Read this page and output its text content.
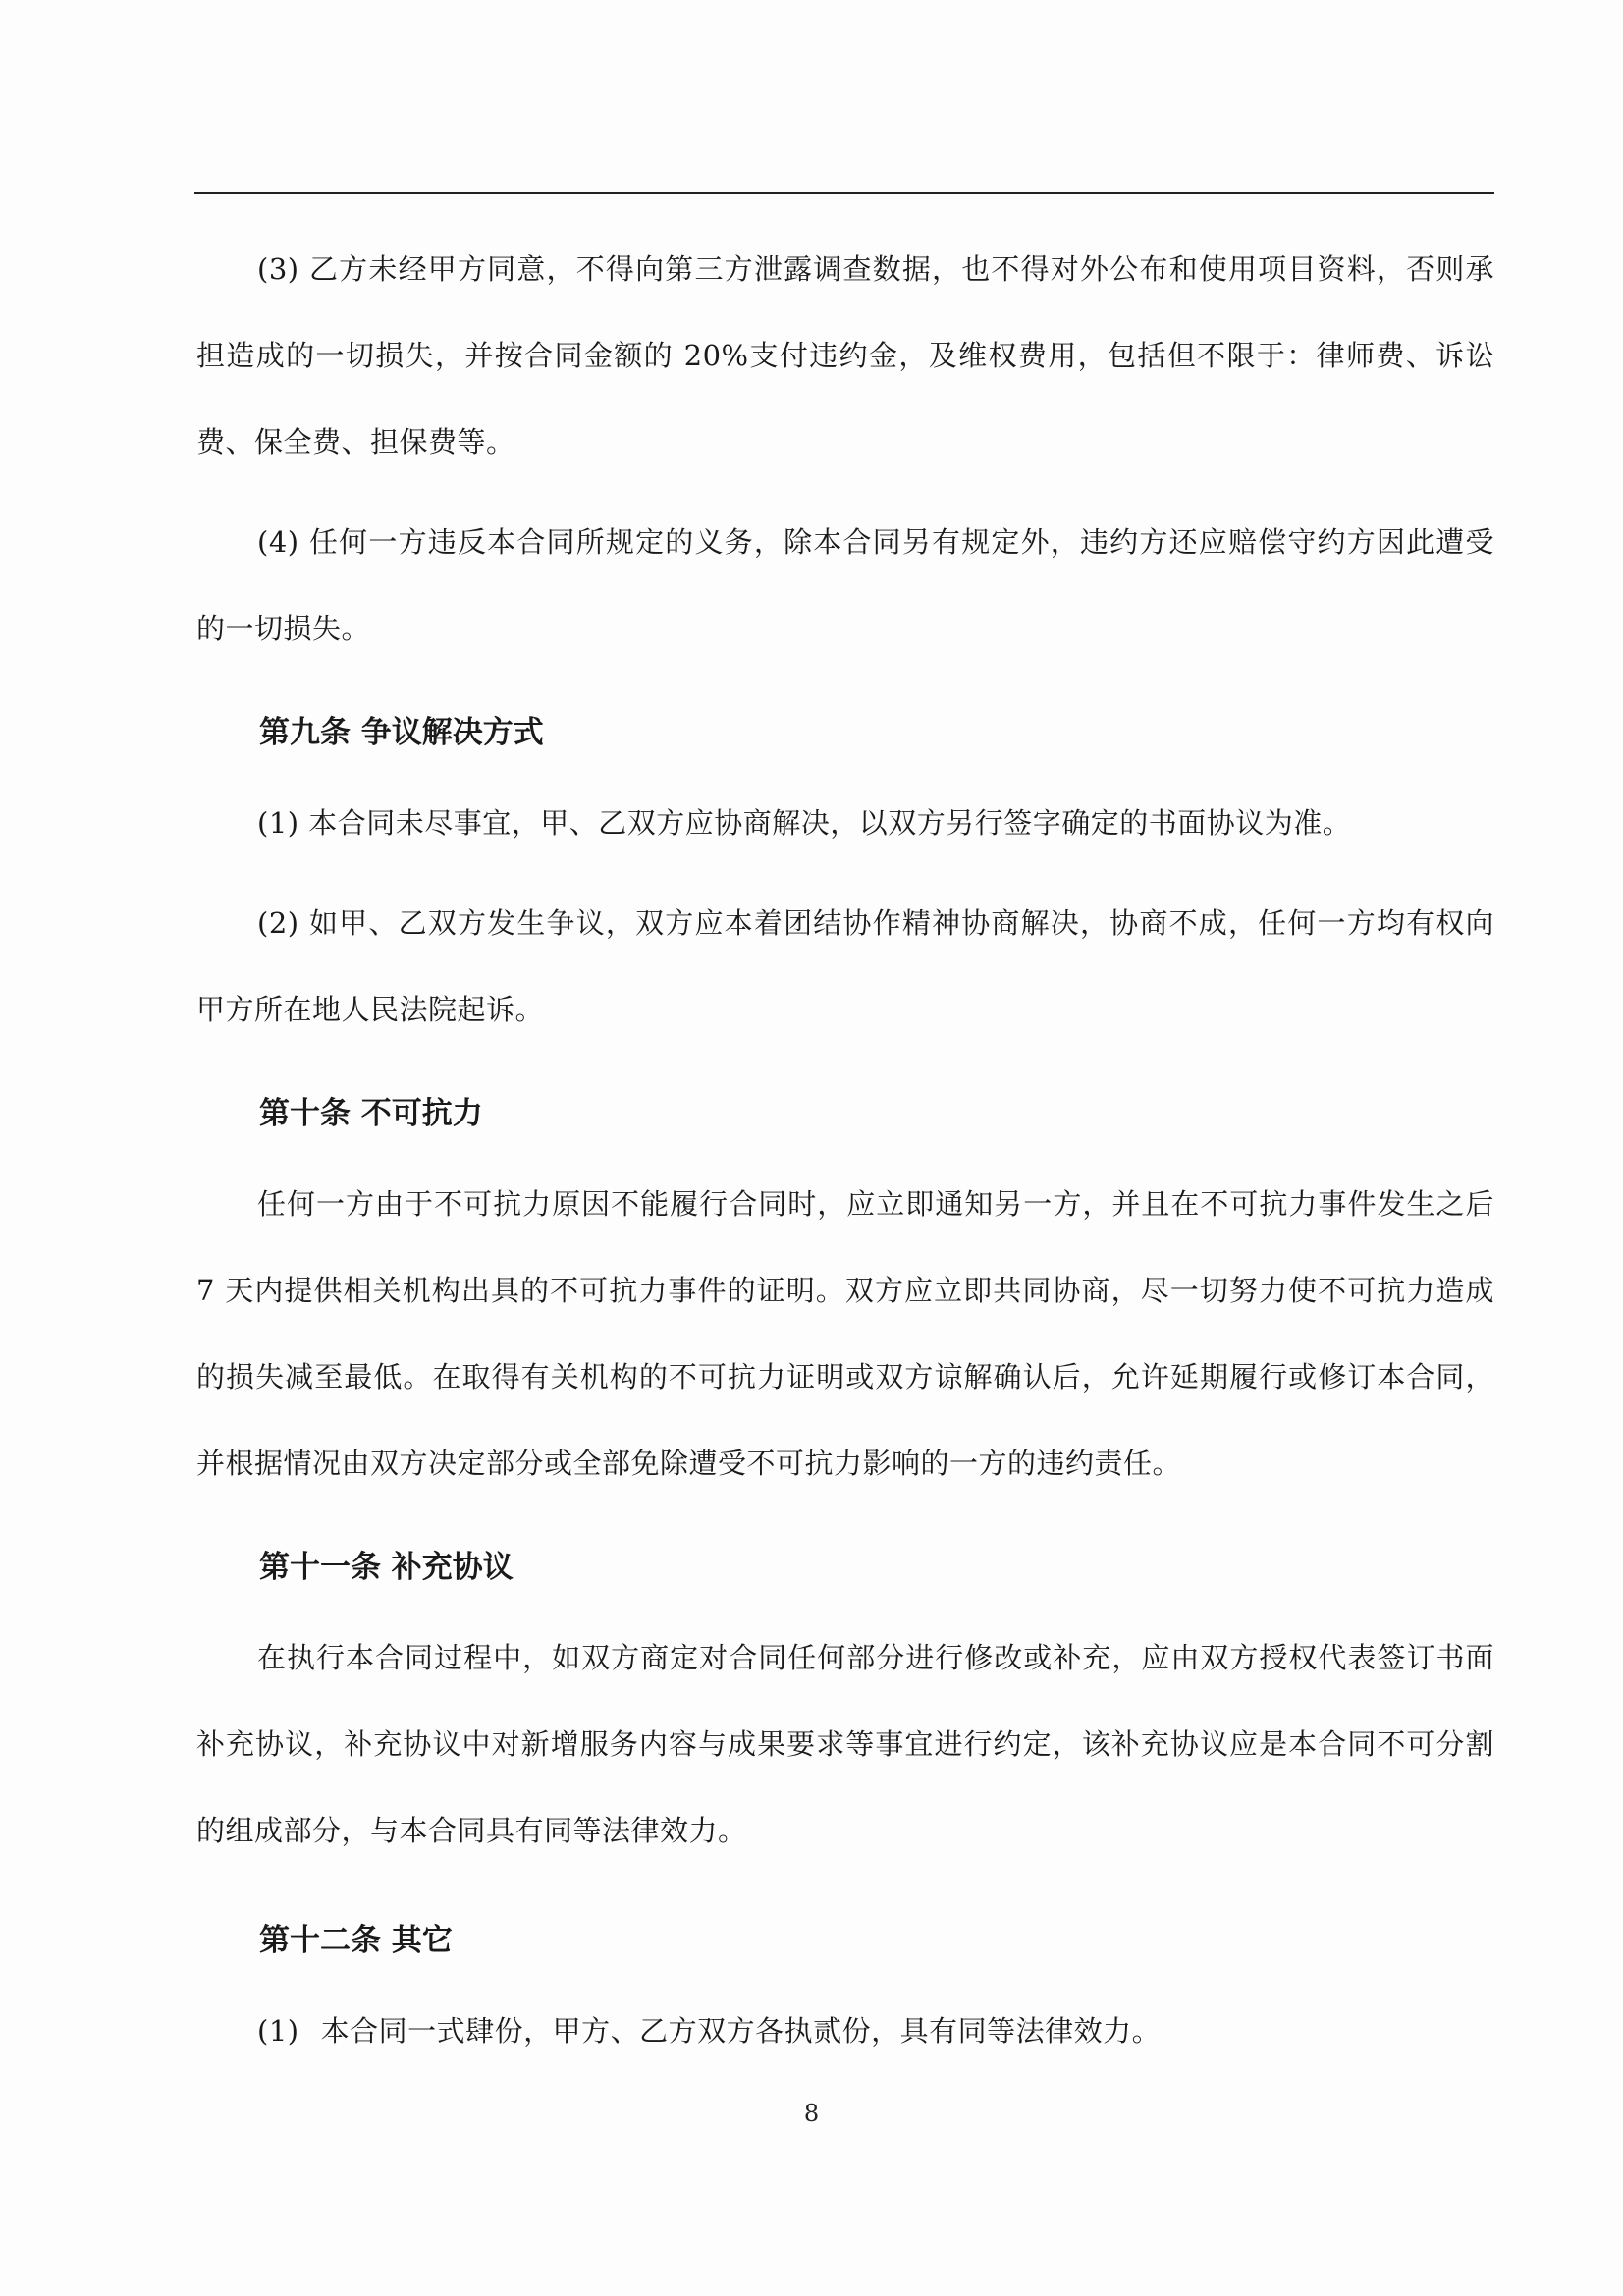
(3) 乙方未经甲方同意，不得向第三方泄露调查数据，也不得对外公布和使用项目资料，否则承担造成的一切损失，并按合同金额的 20%支付违约金，及维权费用，包括但不限于：律师费、诉讼费、保全费、担保费等。

(4) 任何一方违反本合同所规定的义务，除本合同另有规定外，违约方还应赔偿守约方因此遭受的一切损失。

第九条 争议解决方式

(1) 本合同未尽事宜，甲、乙双方应协商解决，以双方另行签字确定的书面协议为准。

(2) 如甲、乙双方发生争议，双方应本着团结协作精神协商解决，协商不成，任何一方均有权向甲方所在地人民法院起诉。

第十条 不可抗力

任何一方由于不可抗力原因不能履行合同时，应立即通知另一方，并且在不可抗力事件发生之后 7 天内提供相关机构出具的不可抗力事件的证明。双方应立即共同协商，尽一切努力使不可抗力造成的损失减至最低。在取得有关机构的不可抗力证明或双方谅解确认后，允许延期履行或修订本合同，并根据情况由双方决定部分或全部免除遭受不可抗力影响的一方的违约责任。

第十一条 补充协议

在执行本合同过程中，如双方商定对合同任何部分进行修改或补充，应由双方授权代表签订书面补充协议，补充协议中对新增服务内容与成果要求等事宜进行约定，该补充协议应是本合同不可分割的组成部分，与本合同具有同等法律效力。

第十二条 其它

(1) 本合同一式肆份，甲方、乙方双方各执贰份，具有同等法律效力。

8
